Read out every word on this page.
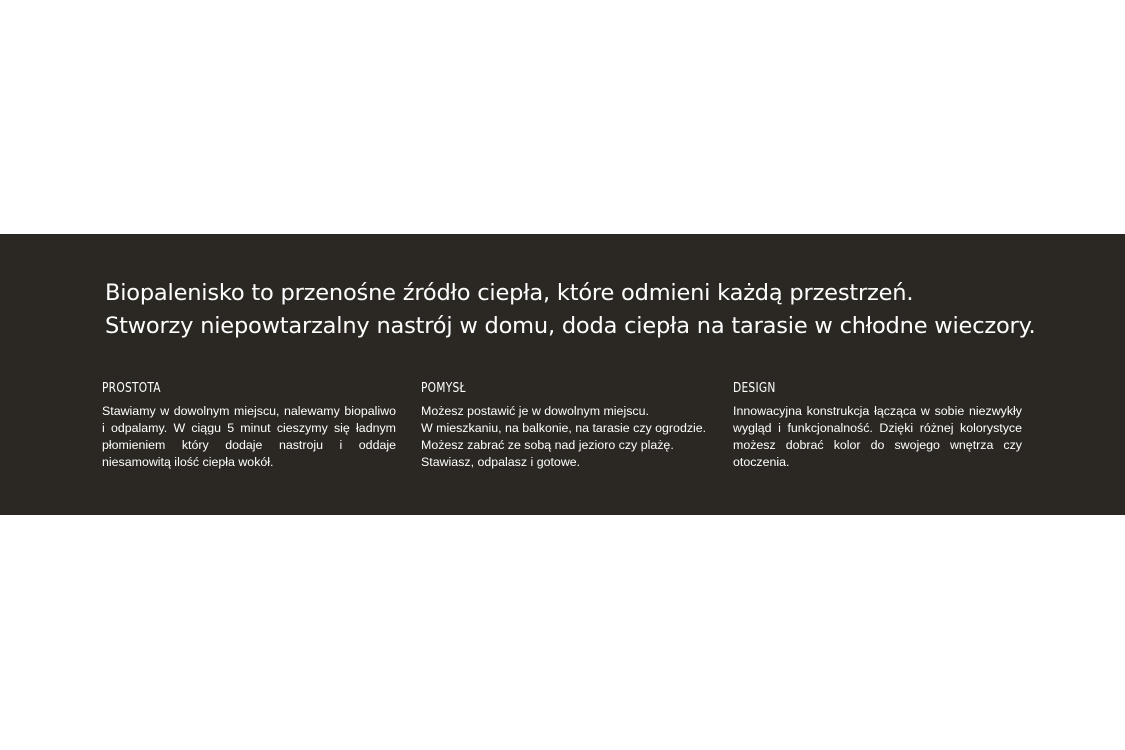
Biopalenisko to przenośne źródło ciepła, które odmieni każdą przestrzeń.
Stworzy niepowtarzalny nastrój w domu, doda ciepła na tarasie w chłodne wieczory.
PROSTOTA

Stawiamy w dowolnym miejscu, nalewamy biopaliwo i odpalamy. W ciągu 5 minut cieszymy się ładnym płomieniem który dodaje nastroju i oddaje niesamowitą ilość ciepła wokół.

POMYSŁ

Możesz postawić je w dowolnym miejscu.
W mieszkaniu, na balkonie, na tarasie czy ogrodzie.
Możesz zabrać ze sobą nad jezioro czy plażę.
Stawiasz, odpalasz i gotowe.

DESIGN

Innowacyjna konstrukcja łącząca w sobie niezwykły wygląd i funkcjonalność. Dzięki różnej kolorystyce możesz dobrać kolor do swojego wnętrza czy otoczenia.
